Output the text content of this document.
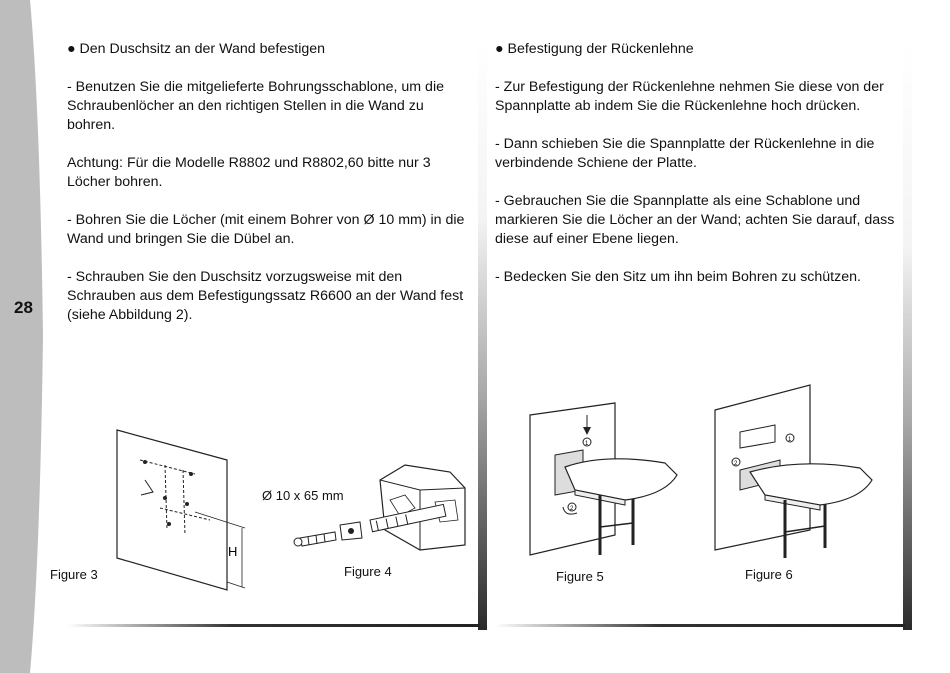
28

● Den Duschsitz an der Wand befestigen

- Benutzen Sie die mitgelieferte Bohrungsschablone, um die Schraubenlöcher an den richtigen Stellen in die Wand zu bohren.

Achtung: Für die Modelle R8802 und R8802,60 bitte nur 3 Löcher bohren.

- Bohren Sie die Löcher (mit einem Bohrer von Ø 10 mm) in die Wand und bringen Sie die Dübel an.

- Schrauben Sie den Duschsitz vorzugsweise mit den Schrauben aus dem Befestigungssatz R6600 an der Wand fest (siehe Abbildung 2).

● Befestigung der Rückenlehne

- Zur Befestigung der Rückenlehne nehmen Sie diese von der Spannplatte ab indem Sie die Rückenlehne hoch drücken.

- Dann schieben Sie die Spannplatte der Rückenlehne in die verbindende Schiene der Platte.

- Gebrauchen Sie die Spannplatte als eine Schablone und markieren Sie die Löcher an der Wand; achten Sie darauf, dass diese auf einer Ebene liegen.

- Bedecken Sie den Sitz um ihn beim Bohren zu schützen.

H
Figure 3
Ø 10 x 65 mm
Figure 4
1
2
Figure 5
1
2
Figure 6
